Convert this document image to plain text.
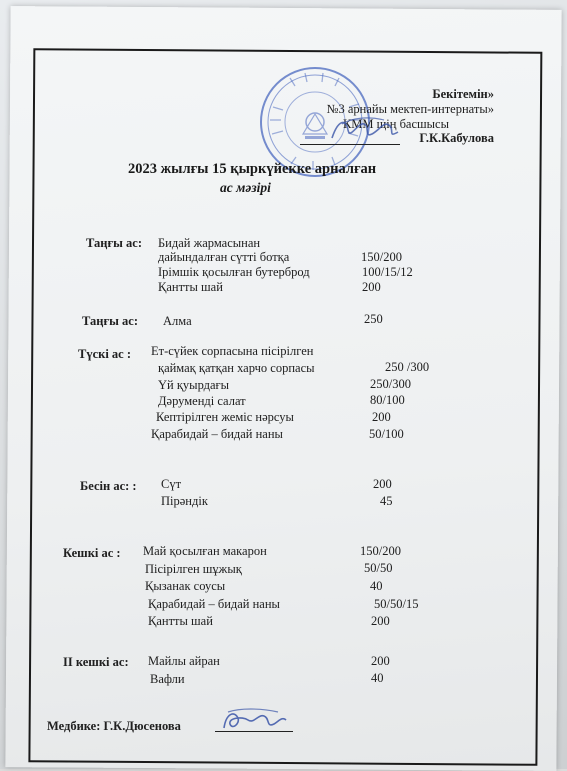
Бекітемін»
№3 арнайы мектеп-интернаты»
КММ щің басшысы
Г.К.Кабулова
2023 жылғы 15 қыркүйекке арналған
ас мәзірі
Таңғы ас: Бидай жармасынан
дайындалған сүтті ботқа	150/200
Ірімшік қосылған бутерброд	100/15/12
Қантты шай	200
Таңғы ас: Алма	250
Түскі ас : Ет-сүйек сорпасына пісірілген
қаймақ қатқан харчо сорпасы	250 /300
Үй қуырдағы	250/300
Дәрумендi салат	80/100
Кептірілген жеміс нәрсуы	200
Қарабидай – бидай наны	50/100
Бесін ас: : Сүт	200
Пірәндік	45
Кешкі ас : Май қосылған макарон	150/200
Пісірілген шұжық	50/50
Қызанак соусы	40
Қарабидай – бидай наны	50/50/15
Қантты шай	200
ІІ кешкі ас: Майлы айран	200
Вафли	40
Медбике: Г.К.Дюсенова
